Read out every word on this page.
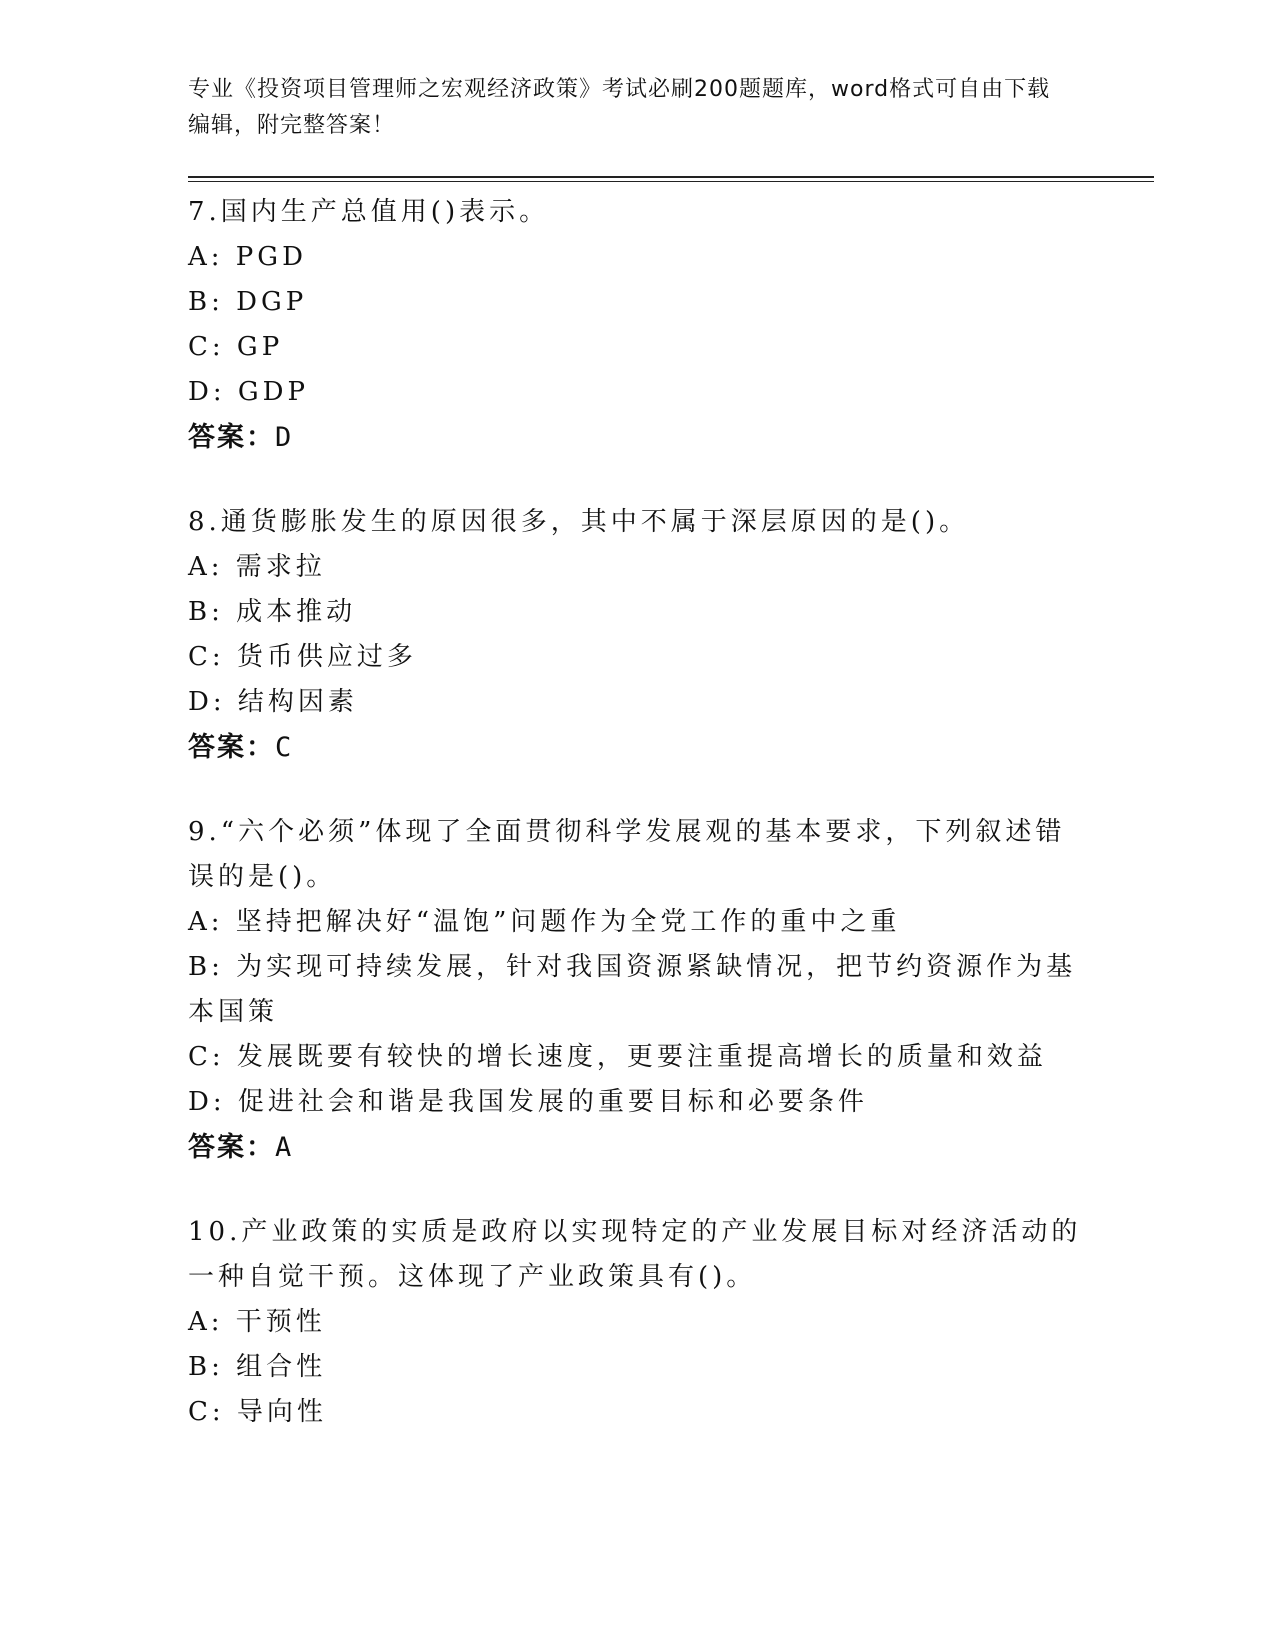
专业《投资项目管理师之宏观经济政策》考试必刷200题题库，word格式可自由下载编辑，附完整答案！
7.国内生产总值用()表示。
A: PGD
B: DGP
C: GP
D: GDP
答案：D
8.通货膨胀发生的原因很多，其中不属于深层原因的是()。
A: 需求拉
B: 成本推动
C: 货币供应过多
D: 结构因素
答案：C
9.“六个必须”体现了全面贯彻科学发展观的基本要求，下列叙述错误的是()。
A: 坚持把解决好“温饱”问题作为全党工作的重中之重
B: 为实现可持续发展，针对我国资源紧缺情况，把节约资源作为基本国策
C: 发展既要有较快的增长速度，更要注重提高增长的质量和效益
D: 促进社会和谐是我国发展的重要目标和必要条件
答案：A
10.产业政策的实质是政府以实现特定的产业发展目标对经济活动的一种自觉干预。这体现了产业政策具有()。
A: 干预性
B: 组合性
C: 导向性
